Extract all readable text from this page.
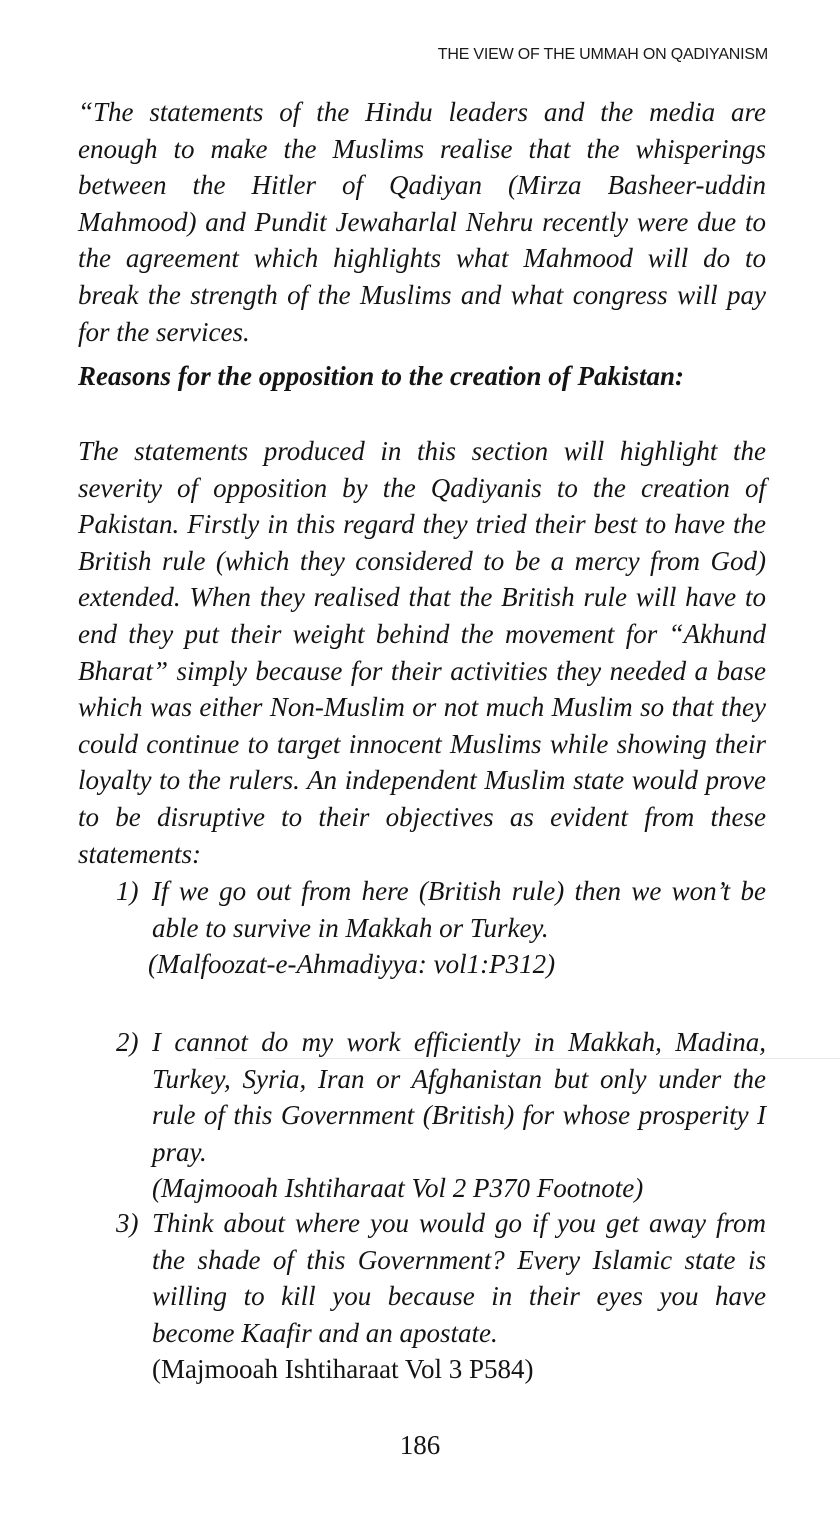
THE VIEW OF THE UMMAH ON QADIYANISM

“The statements of the Hindu leaders and the media are enough to make the Muslims realise that the whisperings between the Hitler of Qadiyan (Mirza Basheer-uddin Mahmood) and Pundit Jewaharlal Nehru recently were due to the agreement which highlights what Mahmood will do to break the strength of the Muslims and what congress will pay for the services.

Reasons for the opposition to the creation of Pakistan:

The statements produced in this section will highlight the severity of opposition by the Qadiyanis to the creation of Pakistan. Firstly in this regard they tried their best to have the British rule (which they considered to be a mercy from God) extended. When they realised that the British rule will have to end they put their weight behind the movement for “Akhund Bharat” simply because for their activities they needed a base which was either Non-Muslim or not much Muslim so that they could continue to target innocent Muslims while showing their loyalty to the rulers. An independent Muslim state would prove to be disruptive to their objectives as evident from these statements:

1) If we go out from here (British rule) then we won’t be able to survive in Makkah or Turkey.
(Malfoozat-e-Ahmadiyya: vol1:P312)
2) I cannot do my work efficiently in Makkah, Madina, Turkey, Syria, Iran or Afghanistan but only under the rule of this Government (British) for whose prosperity I pray.
(Majmooah Ishtiharaat Vol 2 P370 Footnote)
3) Think about where you would go if you get away from the shade of this Government? Every Islamic state is willing to kill you because in their eyes you have become Kaafir and an apostate.
(Majmooah Ishtiharaat Vol 3 P584)
186
